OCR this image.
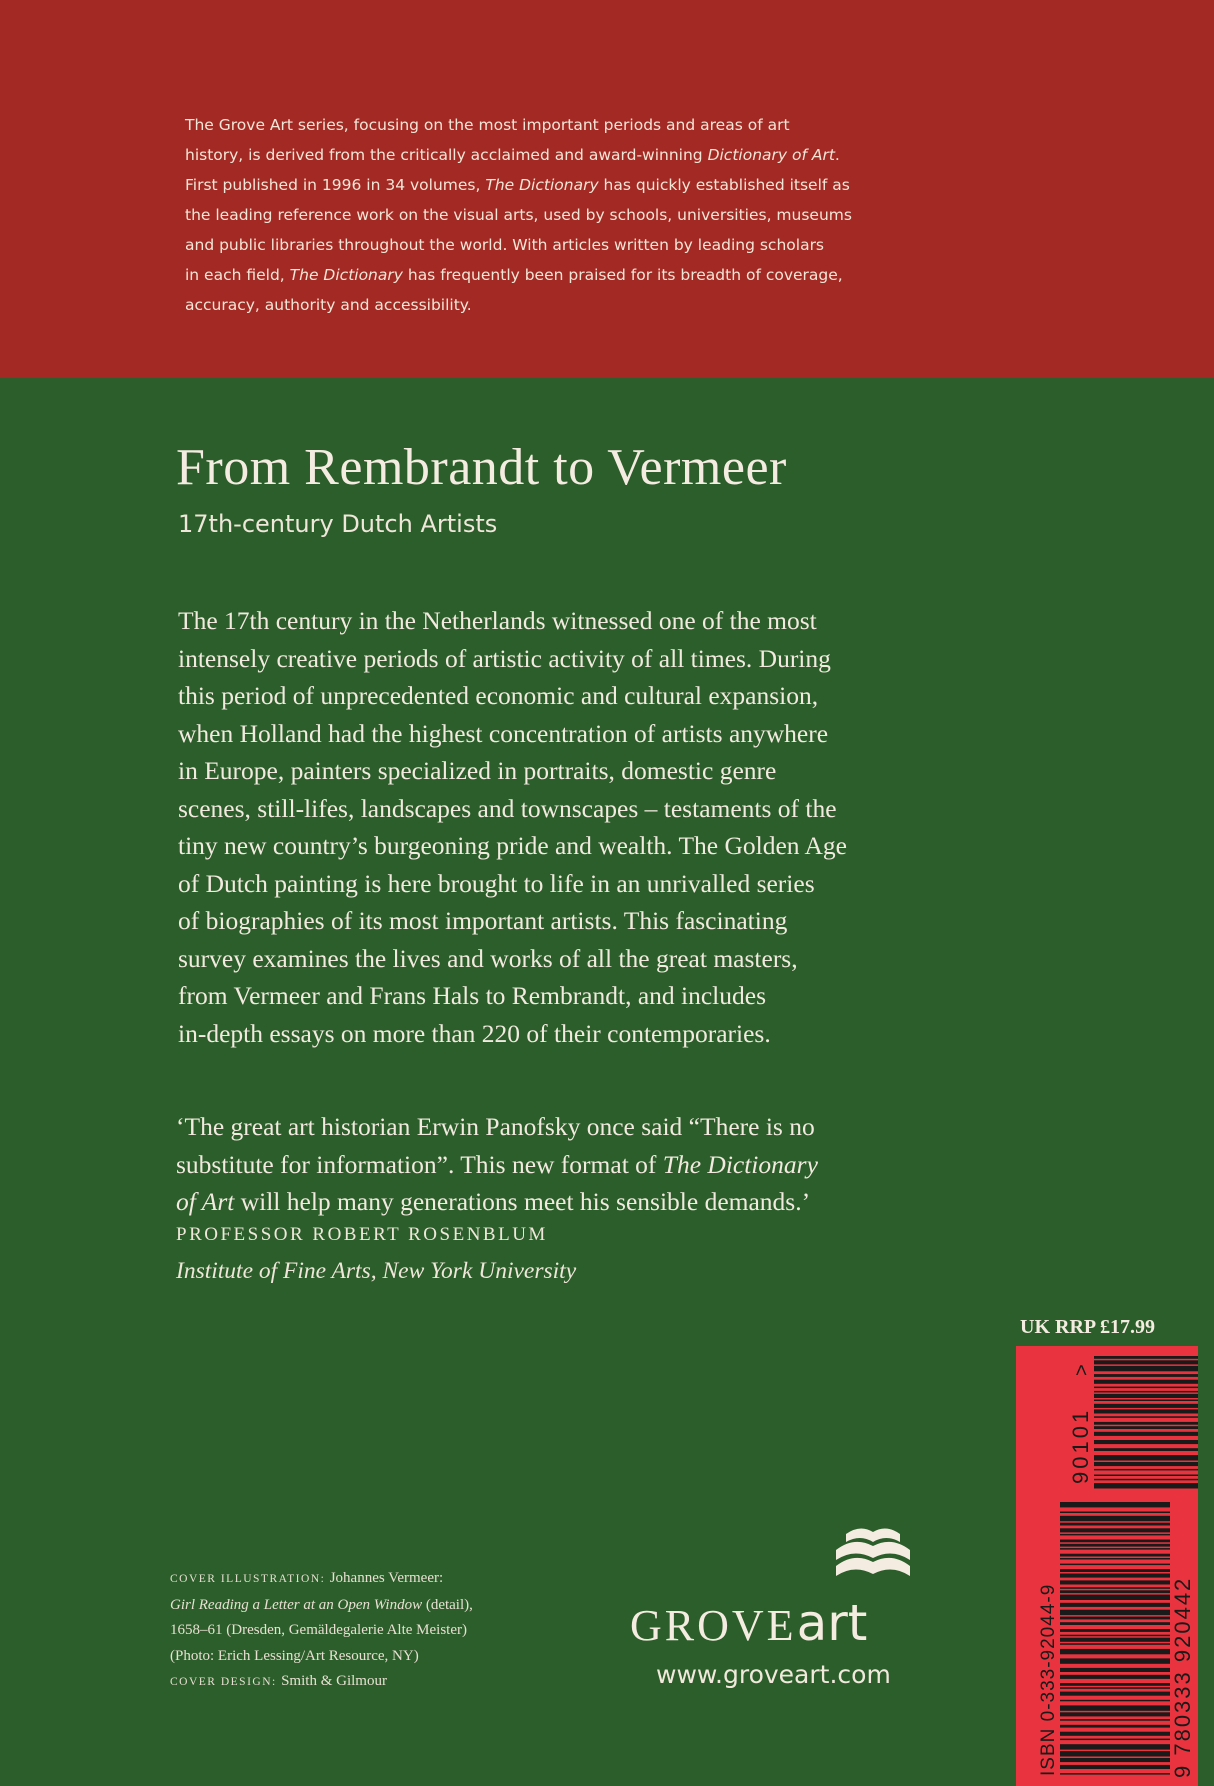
The Grove Art series, focusing on the most important periods and areas of art

history, is derived from the critically acclaimed and award-winning Dictionary of Art.

First published in 1996 in 34 volumes, The Dictionary has quickly established itself as

the leading reference work on the visual arts, used by schools, universities, museums

and public libraries throughout the world. With articles written by leading scholars

in each field, The Dictionary has frequently been praised for its breadth of coverage,

accuracy, authority and accessibility.

From Rembrandt to Vermeer
17th-century Dutch Artists

The 17th century in the Netherlands witnessed one of the most

intensely creative periods of artistic activity of all times. During

this period of unprecedented economic and cultural expansion,

when Holland had the highest concentration of artists anywhere

in Europe, painters specialized in portraits, domestic genre

scenes, still-lifes, landscapes and townscapes – testaments of the

tiny new country’s burgeoning pride and wealth. The Golden Age

of Dutch painting is here brought to life in an unrivalled series

of biographies of its most important artists. This fascinating

survey examines the lives and works of all the great masters,

from Vermeer and Frans Hals to Rembrandt, and includes

in-depth essays on more than 220 of their contemporaries.

‘The great art historian Erwin Panofsky once said “There is no

substitute for information”. This new format of The Dictionary

of Art will help many generations meet his sensible demands.’

PROFESSOR ROBERT ROSENBLUM
Institute of Fine Arts, New York University
UK RRP £17.99
ISBN 0-333-92044-9	9 780333 920442
90101
>

COVER ILLUSTRATION: Johannes Vermeer:

Girl Reading a Letter at an Open Window (detail),

1658–61 (Dresden, Gemäldegalerie Alte Meister)

(Photo: Erich Lessing/Art Resource, NY)

COVER DESIGN: Smith & Gilmour

GROVEart
www.groveart.com
